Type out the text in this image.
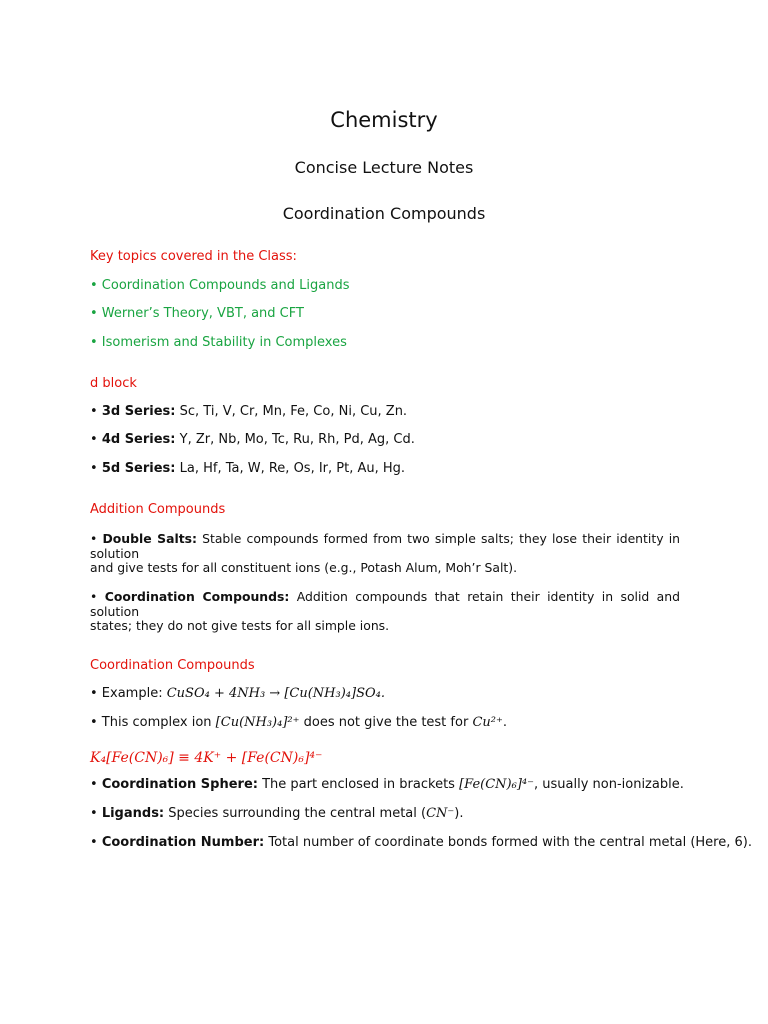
Chemistry
Concise Lecture Notes
Coordination Compounds
Key topics covered in the Class:
• Coordination Compounds and Ligands
• Werner’s Theory, VBT, and CFT
• Isomerism and Stability in Complexes
d block
• 3d Series: Sc, Ti, V, Cr, Mn, Fe, Co, Ni, Cu, Zn.
• 4d Series: Y, Zr, Nb, Mo, Tc, Ru, Rh, Pd, Ag, Cd.
• 5d Series: La, Hf, Ta, W, Re, Os, Ir, Pt, Au, Hg.
Addition Compounds
• Double Salts: Stable compounds formed from two simple salts; they lose their identity in solution
and give tests for all constituent ions (e.g., Potash Alum, Moh’r Salt).
• Coordination Compounds: Addition compounds that retain their identity in solid and solution
states; they do not give tests for all simple ions.
Coordination Compounds
• Example: CuSO₄ + 4NH₃ → [Cu(NH₃)₄]SO₄.
• This complex ion [Cu(NH₃)₄]²⁺ does not give the test for Cu²⁺.
K₄[Fe(CN)₆] ≡ 4K⁺ + [Fe(CN)₆]⁴⁻
• Coordination Sphere: The part enclosed in brackets [Fe(CN)₆]⁴⁻, usually non-ionizable.
• Ligands: Species surrounding the central metal (CN⁻).
• Coordination Number: Total number of coordinate bonds formed with the central metal (Here, 6).
